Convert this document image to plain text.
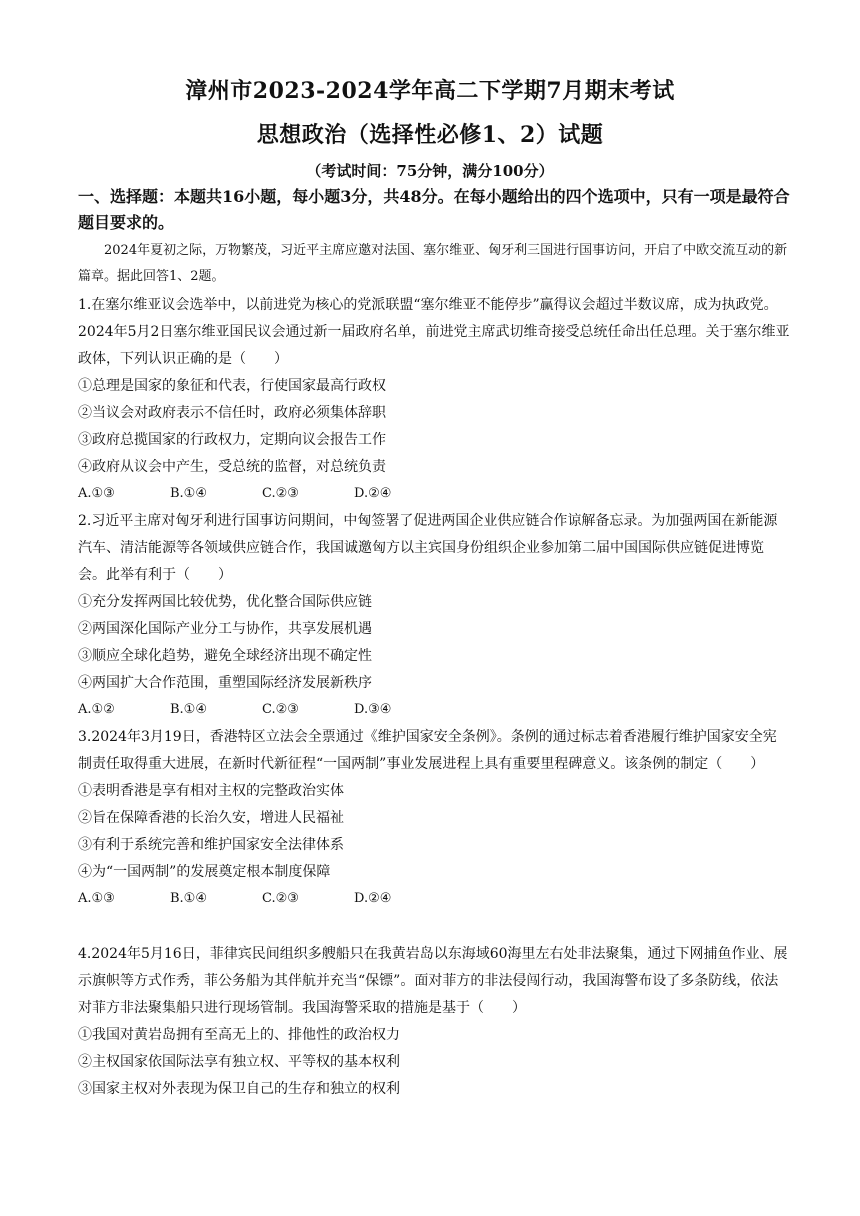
漳州市2023-2024学年高二下学期7月期末考试
思想政治（选择性必修1、2）试题
（考试时间：75分钟，满分100分）
一、选择题：本题共16小题，每小题3分，共48分。在每小题给出的四个选项中，只有一项是最符合题目要求的。
2024年夏初之际，万物繁茂，习近平主席应邀对法国、塞尔维亚、匈牙利三国进行国事访问，开启了中欧交流互动的新篇章。据此回答1、2题。

1.在塞尔维亚议会选举中，以前进党为核心的党派联盟“塞尔维亚不能停步”赢得议会超过半数议席，成为执政党。2024年5月2日塞尔维亚国民议会通过新一届政府名单，前进党主席武切维奇接受总统任命出任总理。关于塞尔维亚政体，下列认识正确的是（　　）

①总理是国家的象征和代表，行使国家最高行政权

②当议会对政府表示不信任时，政府必须集体辞职

③政府总揽国家的行政权力，定期向议会报告工作

④政府从议会中产生，受总统的监督，对总统负责

A.①③	B.①④	C.②③	D.②④

2.习近平主席对匈牙利进行国事访问期间，中匈签署了促进两国企业供应链合作谅解备忘录。为加强两国在新能源汽车、清洁能源等各领域供应链合作，我国诚邀匈方以主宾国身份组织企业参加第二届中国国际供应链促进博览会。此举有利于（　　）

①充分发挥两国比较优势，优化整合国际供应链

②两国深化国际产业分工与协作，共享发展机遇

③顺应全球化趋势，避免全球经济出现不确定性

④两国扩大合作范围，重塑国际经济发展新秩序

A.①②	B.①④	C.②③	D.③④

3.2024年3月19日，香港特区立法会全票通过《维护国家安全条例》。条例的通过标志着香港履行维护国家安全宪制责任取得重大进展，在新时代新征程“一国两制”事业发展进程上具有重要里程碑意义。该条例的制定（　　）

①表明香港是享有相对主权的完整政治实体

②旨在保障香港的长治久安，增进人民福祉

③有利于系统完善和维护国家安全法律体系

④为“一国两制”的发展奠定根本制度保障

A.①③	B.①④	C.②③	D.②④

4.2024年5月16日，菲律宾民间组织多艘船只在我黄岩岛以东海域60海里左右处非法聚集，通过下网捕鱼作业、展示旗帜等方式作秀，菲公务船为其伴航并充当“保镖”。面对菲方的非法侵闯行动，我国海警布设了多条防线，依法对菲方非法聚集船只进行现场管制。我国海警采取的措施是基于（　　）

①我国对黄岩岛拥有至高无上的、排他性的政治权力

②主权国家依国际法享有独立权、平等权的基本权利

③国家主权对外表现为保卫自己的生存和独立的权利
